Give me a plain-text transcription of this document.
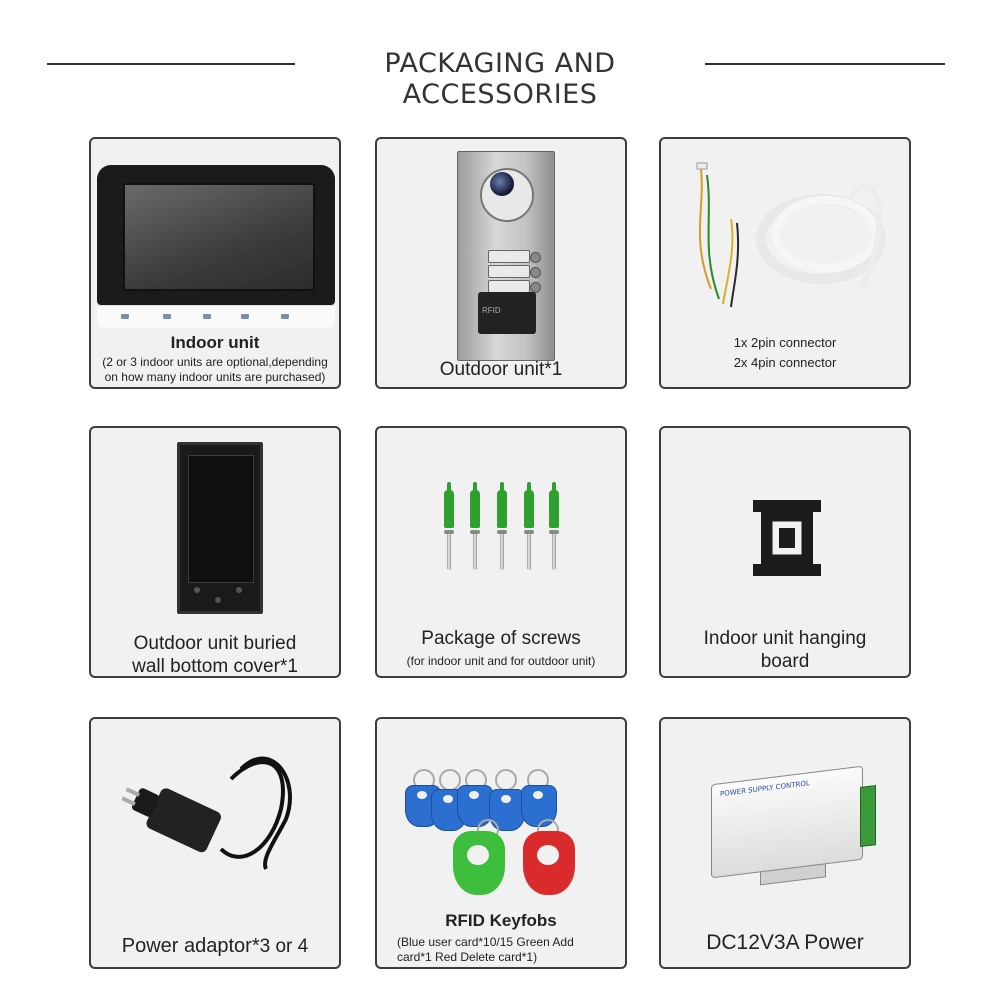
PACKAGING AND ACCESSORIES
Indoor unit
(2 or 3 indoor units are optional,depending on how many indoor units are purchased)
RFID
Outdoor unit*1
1x 2pin connector
2x 4pin connector
Outdoor unit buried
wall bottom cover*1
Package of screws
(for indoor unit and for outdoor unit)
Indoor unit hanging
board
Power adaptor*3 or 4
RFID Keyfobs
(Blue user card*10/15 Green Add card*1 Red Delete card*1)
POWER SUPPLY CONTROL
DC12V3A Power
